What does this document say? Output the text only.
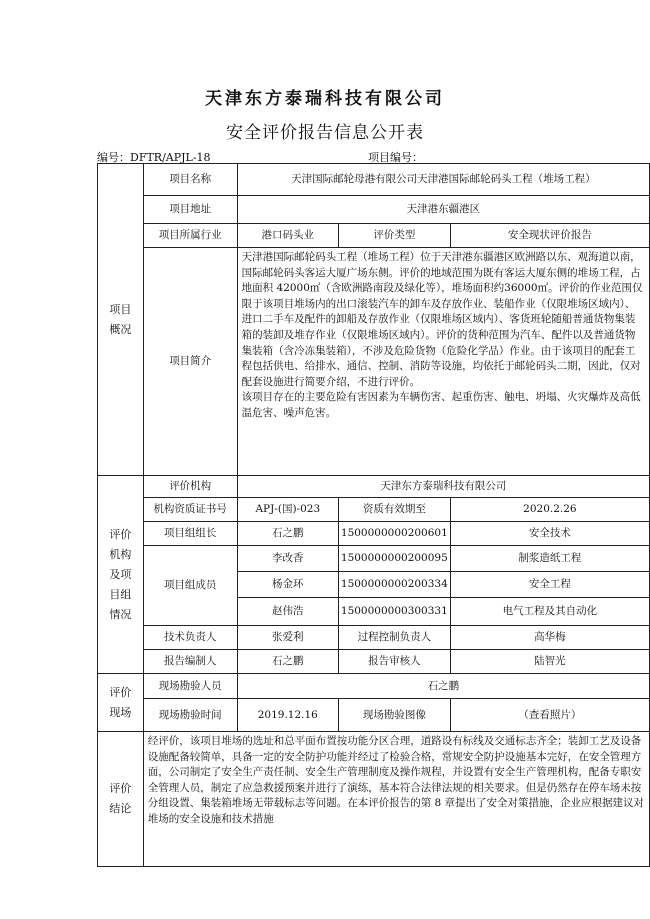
天津东方泰瑞科技有限公司
安全评价报告信息公开表
编号：DFTR/APJL-18	项目编号：
项目概况	项目名称	天津国际邮轮母港有限公司天津港国际邮轮码头工程（堆场工程）		
	项目地址	天津港东疆港区		
	项目所属行业	港口码头业	评价类型	安全现状评价报告
	项目简介	天津港国际邮轮码头工程（堆场工程）位于天津港东疆港区欧洲路以东、观海道以南，国际邮轮码头客运大厦广场东侧。评价的地域范围为既有客运大厦东侧的堆场工程，占地面积 42000㎡（含欧洲路南段及绿化等），堆场面积约36000㎡。评价的作业范围仅限于该项目堆场内的出口滚装汽车的卸车及存放作业、装船作业（仅限堆场区域内）、进口二手车及配件的卸船及存放作业（仅限堆场区域内）、客货班轮随船普通货物集装箱的装卸及堆存作业（仅限堆场区域内）。评价的货种范围为汽车、配件以及普通货物集装箱（含冷冻集装箱），不涉及危险货物（危险化学品）作业。由于该项目的配套工程包括供电、给排水、通信、控制、消防等设施，均依托于邮轮码头二期，因此，仅对配套设施进行简要介绍，不进行评价。
该项目存在的主要危险有害因素为车辆伤害、起重伤害、触电、坍塌、火灾爆炸及高低温危害、噪声危害。		

评价机构及项目组情况	评价机构	天津东方泰瑞科技有限公司		
	机构资质证书号	APJ-(国)-023	资质有效期至	2020.2.26
	项目组组长	石之鹏	1500000000200601	安全技术
	项目组成员	李改香	1500000000200095	制浆造纸工程
		杨金环	1500000000200334	安全工程
		赵伟浩	1500000000300331	电气工程及其自动化
	技术负责人	张爱利	过程控制负责人	高华梅
	报告编制人	石之鹏	报告审核人	陆智光

评价现场	现场勘验人员	石之鹏		
	现场勘验时间	2019.12.16	现场勘验图像	（查看照片）

评价结论	经评价，该项目堆场的选址和总平面布置按功能分区合理，道路设有标线及交通标志齐全；装卸工艺及设备设施配备较简单，具备一定的安全防护功能并经过了检验合格，常规安全防护设施基本完好，在安全管理方面，公司制定了安全生产责任制、安全生产管理制度及操作规程，并设置有安全生产管理机构，配备专职安全管理人员，制定了应急救援预案并进行了演练，基本符合法律法规的相关要求。但是仍然存在停车场未按分组设置、集装箱堆场无带载标志等问题。在本评价报告的第 8 章提出了安全对策措施，企业应根据建议对堆场的安全设施和技术措施			
